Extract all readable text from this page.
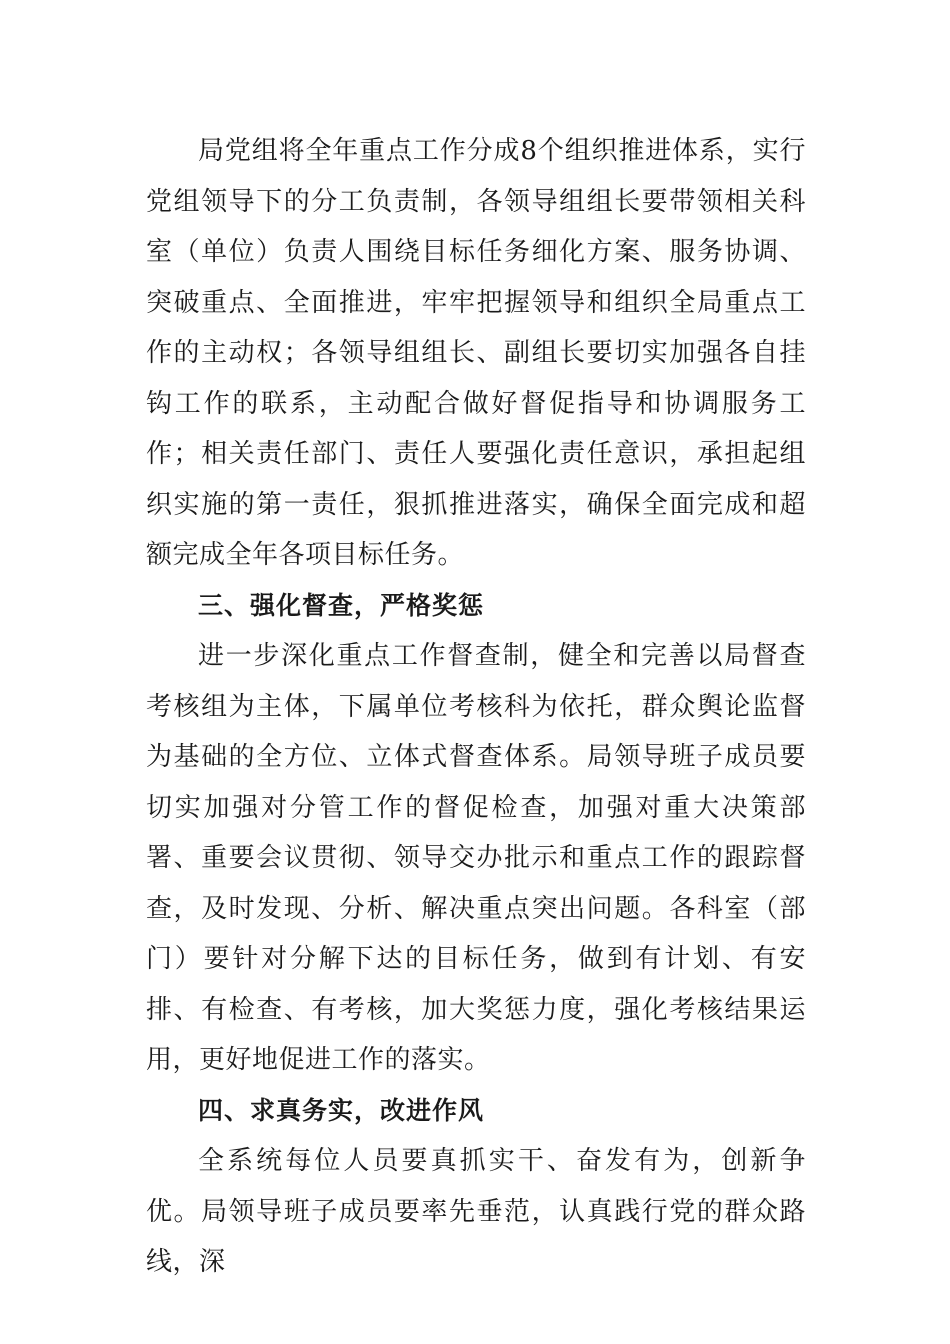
局党组将全年重点工作分成8个组织推进体系，实行党组领导下的分工负责制，各领导组组长要带领相关科室（单位）负责人围绕目标任务细化方案、服务协调、突破重点、全面推进，牢牢把握领导和组织全局重点工作的主动权；各领导组组长、副组长要切实加强各自挂钩工作的联系，主动配合做好督促指导和协调服务工作；相关责任部门、责任人要强化责任意识，承担起组织实施的第一责任，狠抓推进落实，确保全面完成和超额完成全年各项目标任务。

三、强化督查，严格奖惩

进一步深化重点工作督查制，健全和完善以局督查考核组为主体，下属单位考核科为依托，群众舆论监督为基础的全方位、立体式督查体系。局领导班子成员要切实加强对分管工作的督促检查，加强对重大决策部署、重要会议贯彻、领导交办批示和重点工作的跟踪督查，及时发现、分析、解决重点突出问题。各科室（部门）要针对分解下达的目标任务，做到有计划、有安排、有检查、有考核，加大奖惩力度，强化考核结果运用，更好地促进工作的落实。

四、求真务实，改进作风

全系统每位人员要真抓实干、奋发有为，创新争优。局领导班子成员要率先垂范，认真践行党的群众路线，深
